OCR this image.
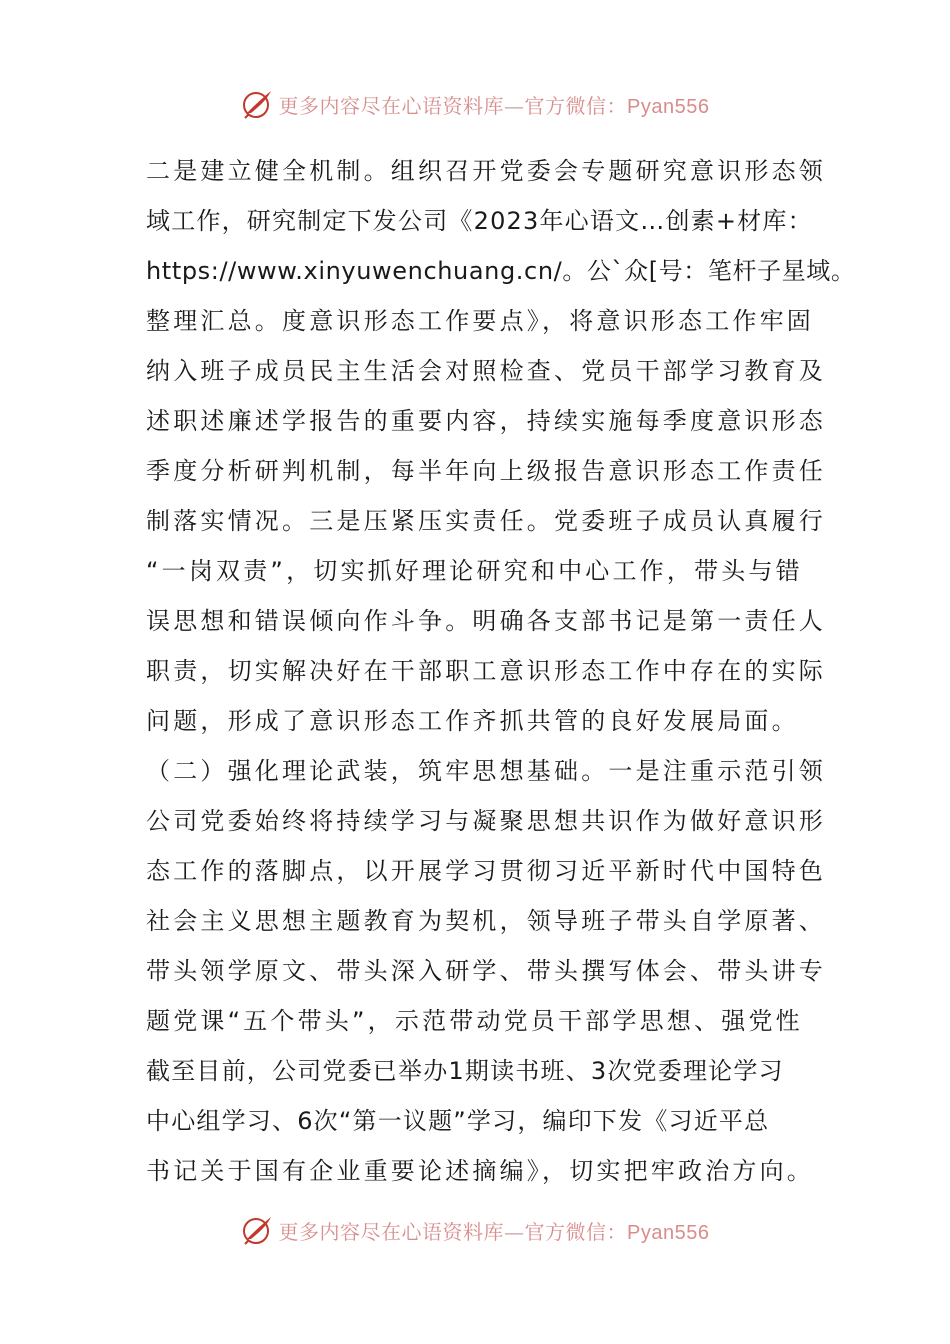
更多内容尽在心语资料库—官方微信：Pyan556
二是建立健全机制。组织召开党委会专题研究意识形态领
域工作，研究制定下发公司《2023年心语文…创素+材库：
https://www.xinyuwenchuang.cn/。公`众[号：笔杆子星域。
整理汇总。度意识形态工作要点》，将意识形态工作牢固
纳入班子成员民主生活会对照检查、党员干部学习教育及
述职述廉述学报告的重要内容，持续实施每季度意识形态
季度分析研判机制，每半年向上级报告意识形态工作责任
制落实情况。三是压紧压实责任。党委班子成员认真履行
“一岗双责”，切实抓好理论研究和中心工作，带头与错
误思想和错误倾向作斗争。明确各支部书记是第一责任人
职责，切实解决好在干部职工意识形态工作中存在的实际
问题，形成了意识形态工作齐抓共管的良好发展局面。
（二）强化理论武装，筑牢思想基础。一是注重示范引领
公司党委始终将持续学习与凝聚思想共识作为做好意识形
态工作的落脚点，以开展学习贯彻习近平新时代中国特色
社会主义思想主题教育为契机，领导班子带头自学原著、
带头领学原文、带头深入研学、带头撰写体会、带头讲专
题党课“五个带头”，示范带动党员干部学思想、强党性
截至目前，公司党委已举办1期读书班、3次党委理论学习
中心组学习、6次“第一议题”学习，编印下发《习近平总
书记关于国有企业重要论述摘编》，切实把牢政治方向。
更多内容尽在心语资料库—官方微信：Pyan556
